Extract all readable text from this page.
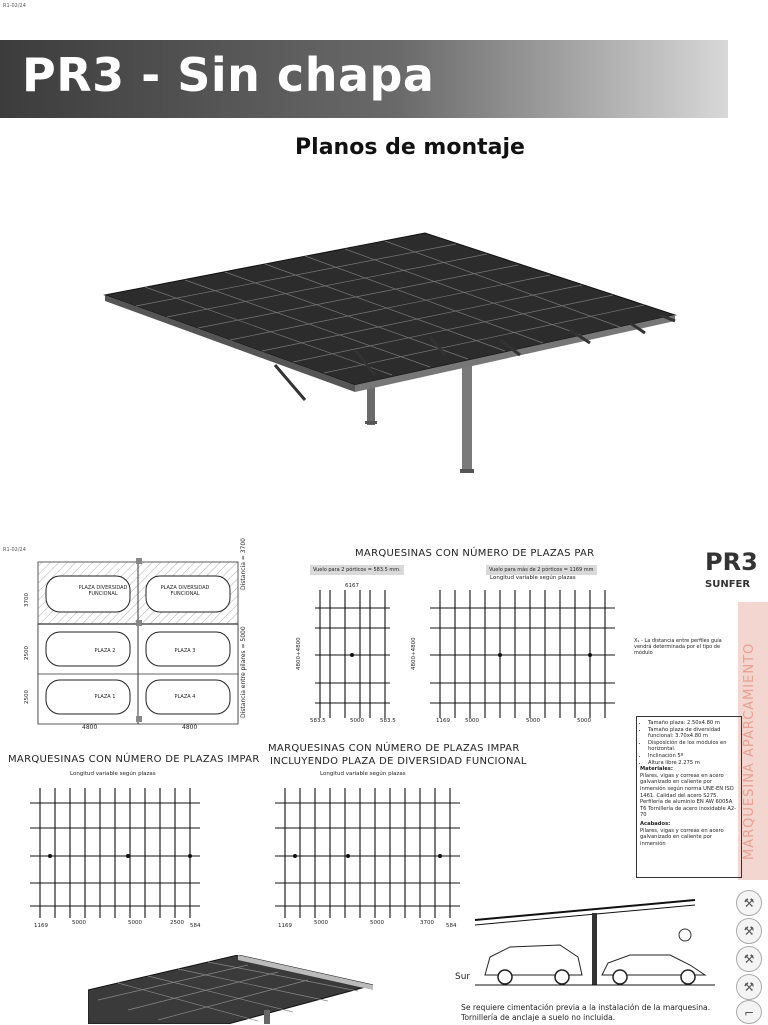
R1-02/24
PR3 - Sin chapa
Planos de montaje
R1-02/24
PLAZA DIVERSIDAD FUNCIONAL
PLAZA DIVERSIDAD FUNCIONAL
PLAZA 2	PLAZA 3
PLAZA 1	PLAZA 4
3700
2500
2500
4800	4800
Distancia = 3700
Distancia entre pilares = 5000
MARQUESINAS CON NÚMERO DE PLAZAS PAR
Vuelo para 2 pórticos = 583.5 mm.	Vuelo para más de 2 pórticos = 1169 mm
Longitud variable según plazas
6167
583.5	5000	583.5	1169	5000	5000	5000
4800+4800	4800+4800	X₁ - La distancia entre perfiles guía vendrá determinada por el tipo de módulo
MARQUESINAS CON NÚMERO DE PLAZAS IMPAR
MARQUESINAS CON NÚMERO DE PLAZAS IMPAR
INCLUYENDO PLAZA DE DIVERSIDAD FUNCIONAL
Longitud variable según plazas	Longitud variable según plazas
1169	5000	5000	2500 584	1169	5000	5000	3700 584
PR3
SUNFER
MARQUESINA APARCAMIENTO
• Tamaño plaza: 2.50x4.80 m
• Tamaño plaza de diversidad funcional: 3.70x4.80 m
• Disposición de los módulos en horizontal.
• Inclinación 5º
• Altura libre 2.275 m
Materiales:
Pilares, vigas y correas en acero galvanizado en caliente por inmersión según norma UNE-EN ISO 1461. Calidad del acero S275. Perfilería de aluminio EN AW 6005A T6 Tornillería de acero inoxidable A2-70
Acabados:
Pilares, vigas y correas en acero galvanizado en caliente por inmersión
⚒
⚒
⚒
⚒
⌐
Sur
Se requiere cimentación previa a la instalación de la marquesina.
Tornillería de anclaje a suelo no incluida.
